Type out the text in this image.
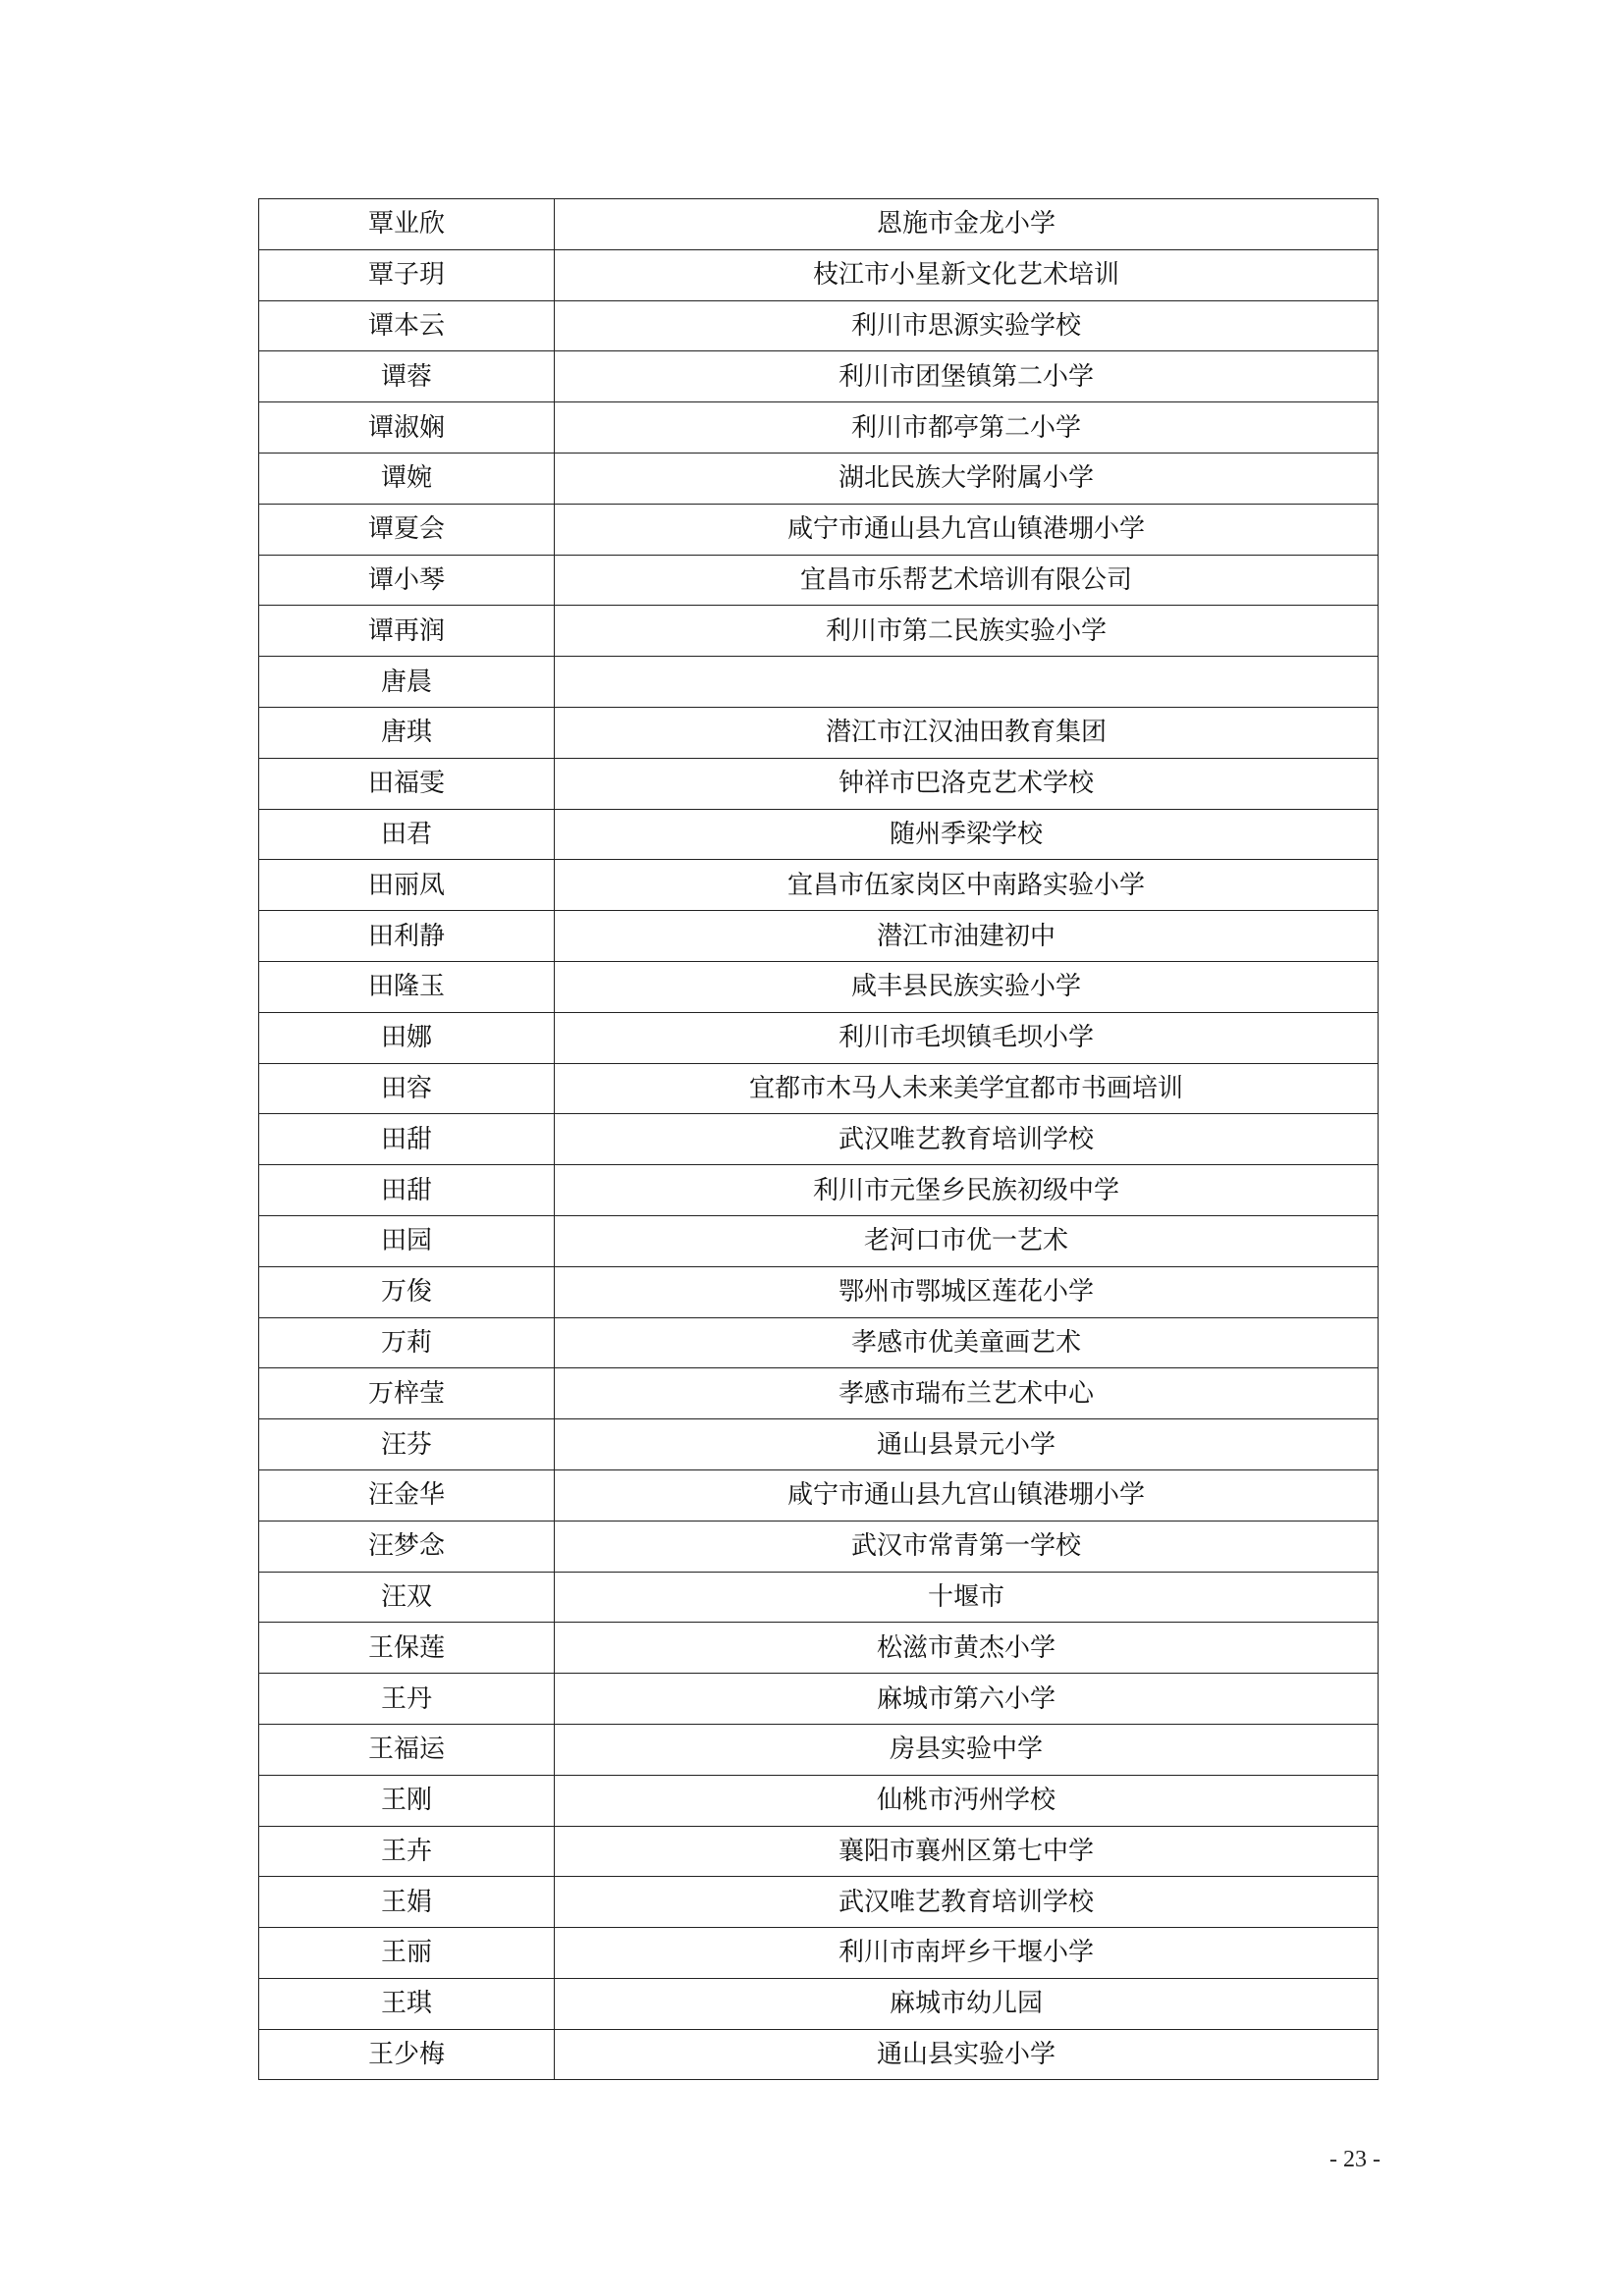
覃业欣	恩施市金龙小学
覃子玥	枝江市小星新文化艺术培训
谭本云	利川市思源实验学校
谭蓉	利川市团堡镇第二小学
谭淑娴	利川市都亭第二小学
谭婉	湖北民族大学附属小学
谭夏会	咸宁市通山县九宫山镇港堋小学
谭小琴	宜昌市乐帮艺术培训有限公司
谭再润	利川市第二民族实验小学
唐晨	
唐琪	潜江市江汉油田教育集团
田福雯	钟祥市巴洛克艺术学校
田君	随州季梁学校
田丽凤	宜昌市伍家岗区中南路实验小学
田利静	潜江市油建初中
田隆玉	咸丰县民族实验小学
田娜	利川市毛坝镇毛坝小学
田容	宜都市木马人未来美学宜都市书画培训
田甜	武汉唯艺教育培训学校
田甜	利川市元堡乡民族初级中学
田园	老河口市优一艺术
万俊	鄂州市鄂城区莲花小学
万莉	孝感市优美童画艺术
万梓莹	孝感市瑞布兰艺术中心
汪芬	通山县景元小学
汪金华	咸宁市通山县九宫山镇港堋小学
汪梦念	武汉市常青第一学校
汪双	十堰市
王保莲	松滋市黄杰小学
王丹	麻城市第六小学
王福运	房县实验中学
王刚	仙桃市沔州学校
王卉	襄阳市襄州区第七中学
王娟	武汉唯艺教育培训学校
王丽	利川市南坪乡干堰小学
王琪	麻城市幼儿园
王少梅	通山县实验小学
- 23 -
